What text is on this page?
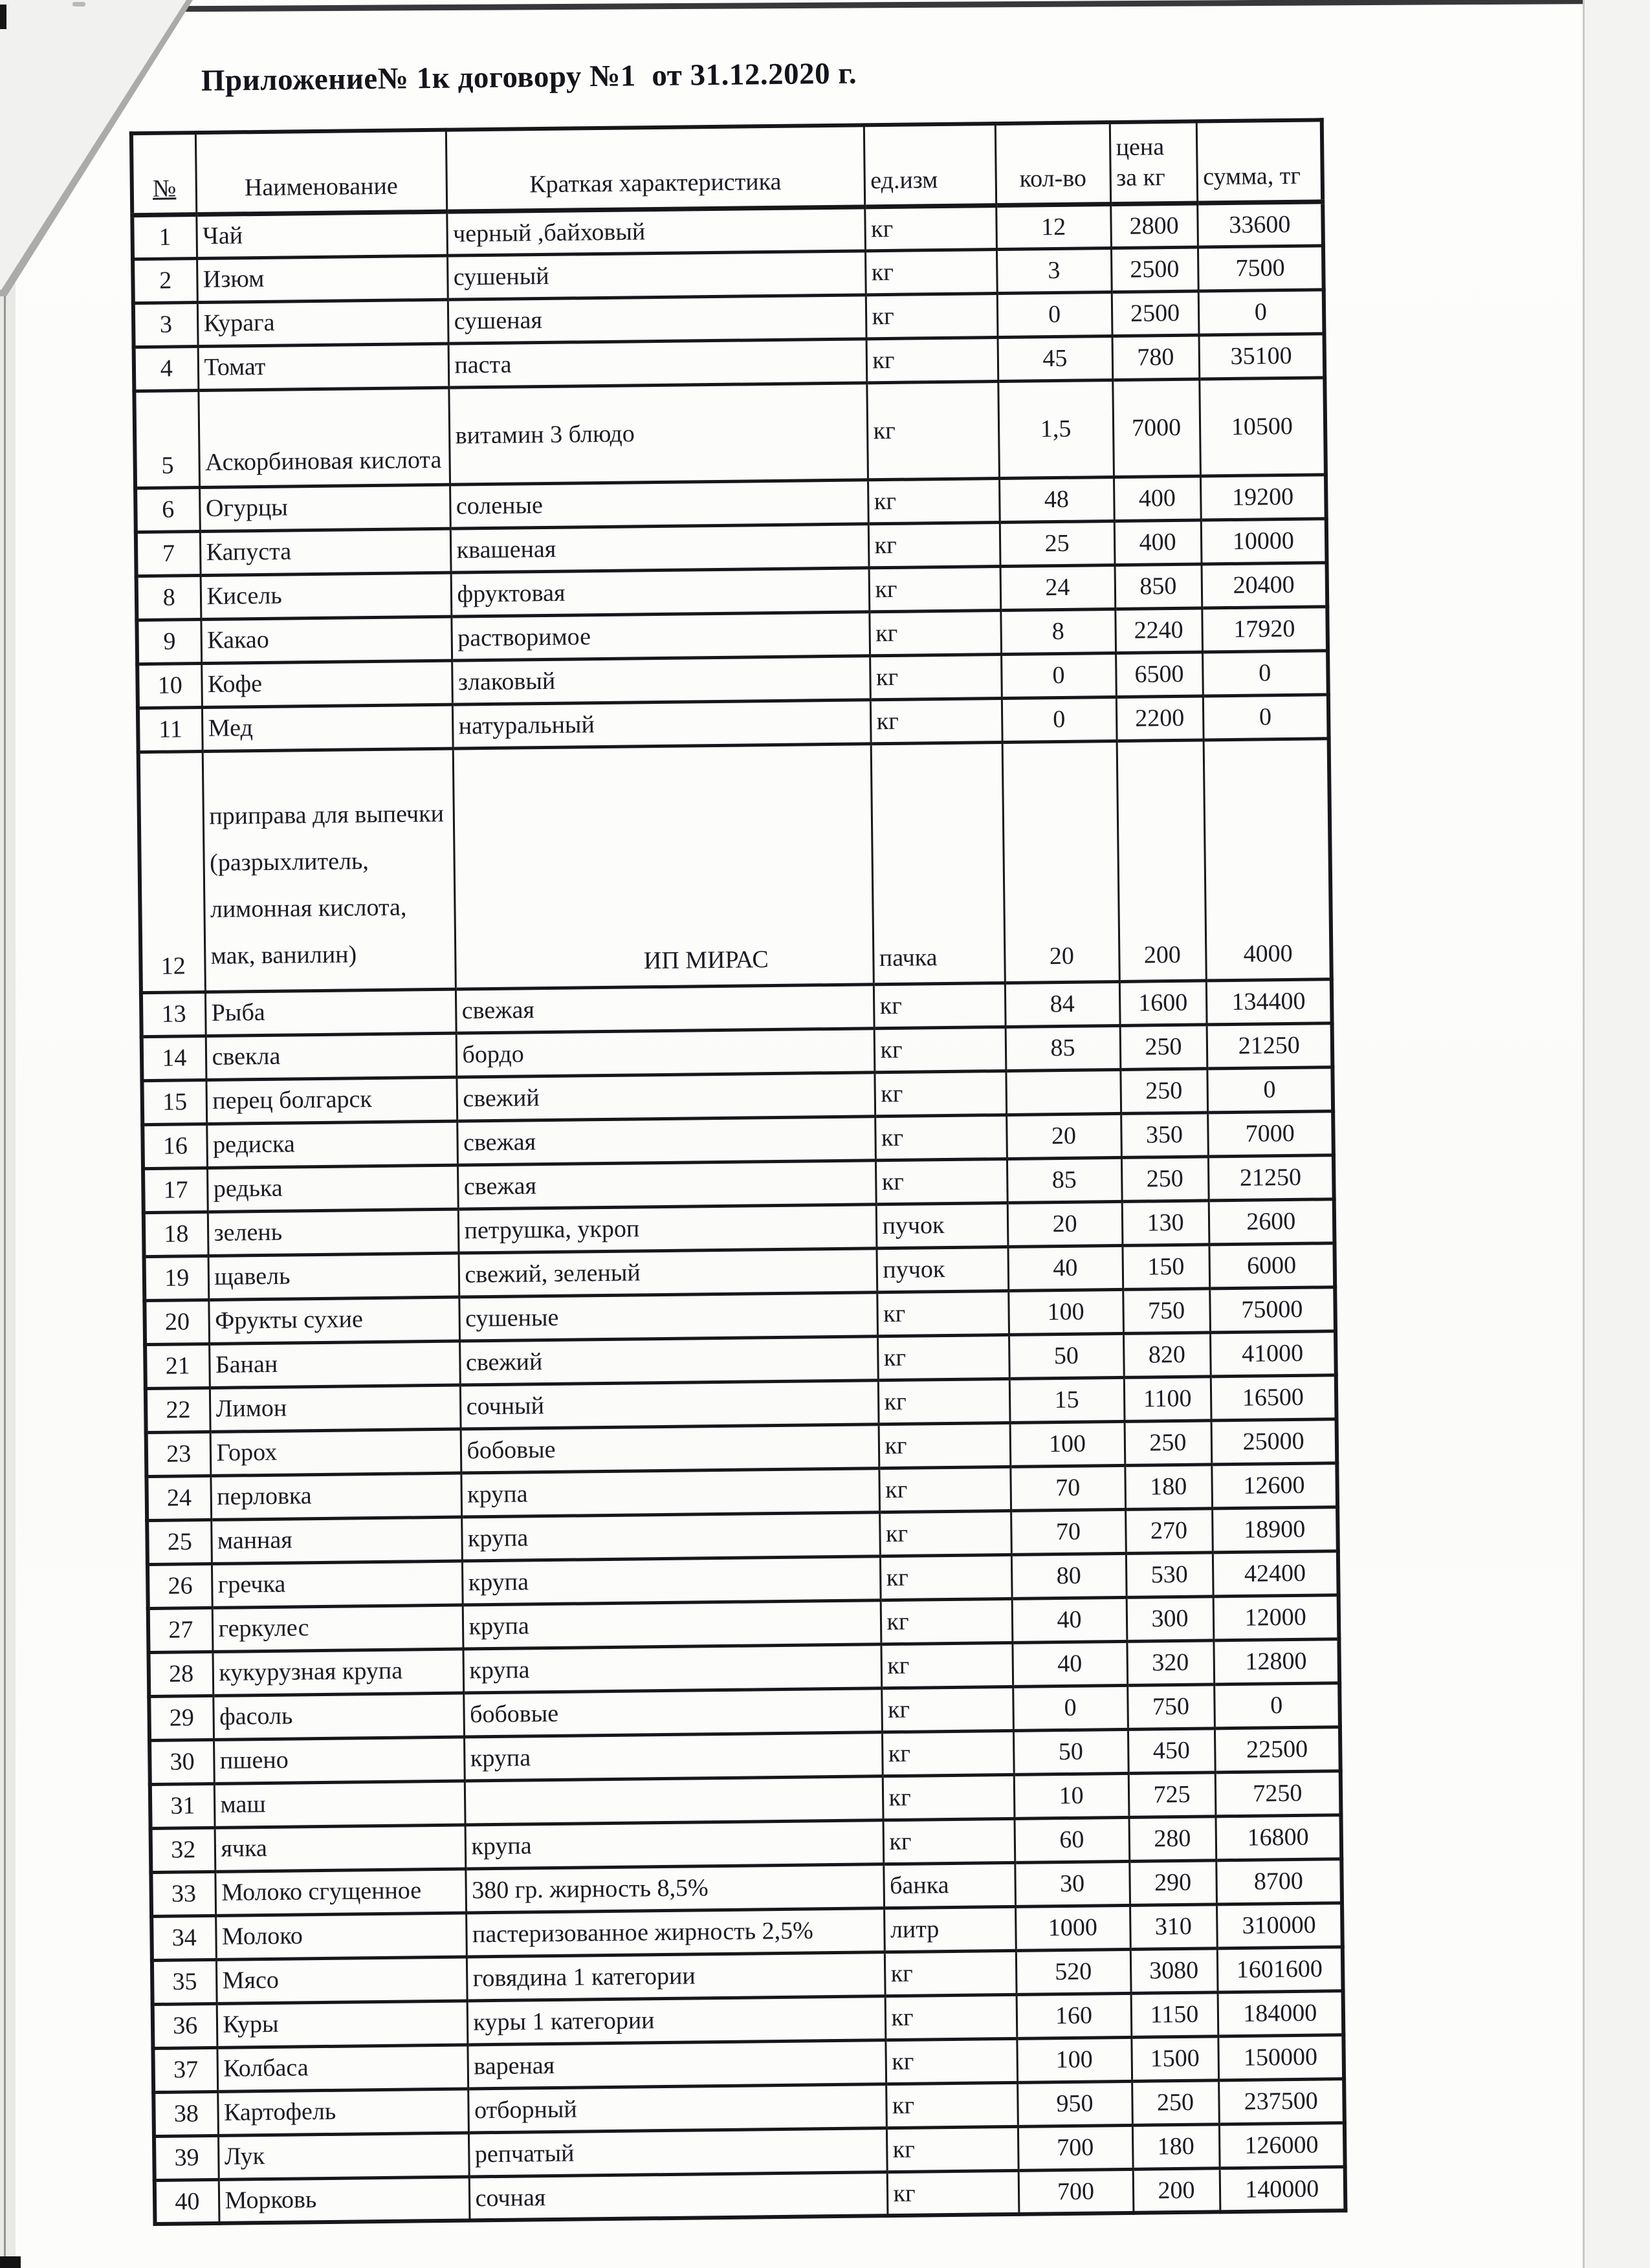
Приложение№ 1к договору №1  от 31.12.2020 г.
№	Наименование	Краткая характеристика	ед.изм	кол-во	цена за кг	сумма, тг
1	Чай	черный ,байховый	кг	12	2800	33600
2	Изюм	сушеный	кг	3	2500	7500
3	Курага	сушеная	кг	0	2500	0
4	Томат	паста	кг	45	780	35100
5	Аскорбиновая кислота	витамин 3 блюдо	кг	1,5	7000	10500
6	Огурцы	соленые	кг	48	400	19200
7	Капуста	квашеная	кг	25	400	10000
8	Кисель	фруктовая	кг	24	850	20400
9	Какао	растворимое	кг	8	2240	17920
10	Кофе	злаковый	кг	0	6500	0
11	Мед	натуральный	кг	0	2200	0
12	приправа для выпечки (разрыхлитель, лимонная кислота, мак, ванилин)	ИП МИРАС	пачка	20	200	4000
13	Рыба	свежая	кг	84	1600	134400
14	свекла	бордо	кг	85	250	21250
15	перец болгарск	свежий	кг		250	0
16	редиска	свежая	кг	20	350	7000
17	редька	свежая	кг	85	250	21250
18	зелень	петрушка, укроп	пучок	20	130	2600
19	щавель	свежий, зеленый	пучок	40	150	6000
20	Фрукты сухие	сушеные	кг	100	750	75000
21	Банан	свежий	кг	50	820	41000
22	Лимон	сочный	кг	15	1100	16500
23	Горох	бобовые	кг	100	250	25000
24	перловка	крупа	кг	70	180	12600
25	манная	крупа	кг	70	270	18900
26	гречка	крупа	кг	80	530	42400
27	геркулес	крупа	кг	40	300	12000
28	кукурузная крупа	крупа	кг	40	320	12800
29	фасоль	бобовые	кг	0	750	0
30	пшено	крупа	кг	50	450	22500
31	маш		кг	10	725	7250
32	ячка	крупа	кг	60	280	16800
33	Молоко сгущенное	380 гр. жирность 8,5%	банка	30	290	8700
34	Молоко	пастеризованное жирность 2,5%	литр	1000	310	310000
35	Мясо	говядина 1 категории	кг	520	3080	1601600
36	Куры	куры 1 категории	кг	160	1150	184000
37	Колбаса	вареная	кг	100	1500	150000
38	Картофель	отборный	кг	950	250	237500
39	Лук	репчатый	кг	700	180	126000
40	Морковь	сочная	кг	700	200	140000
